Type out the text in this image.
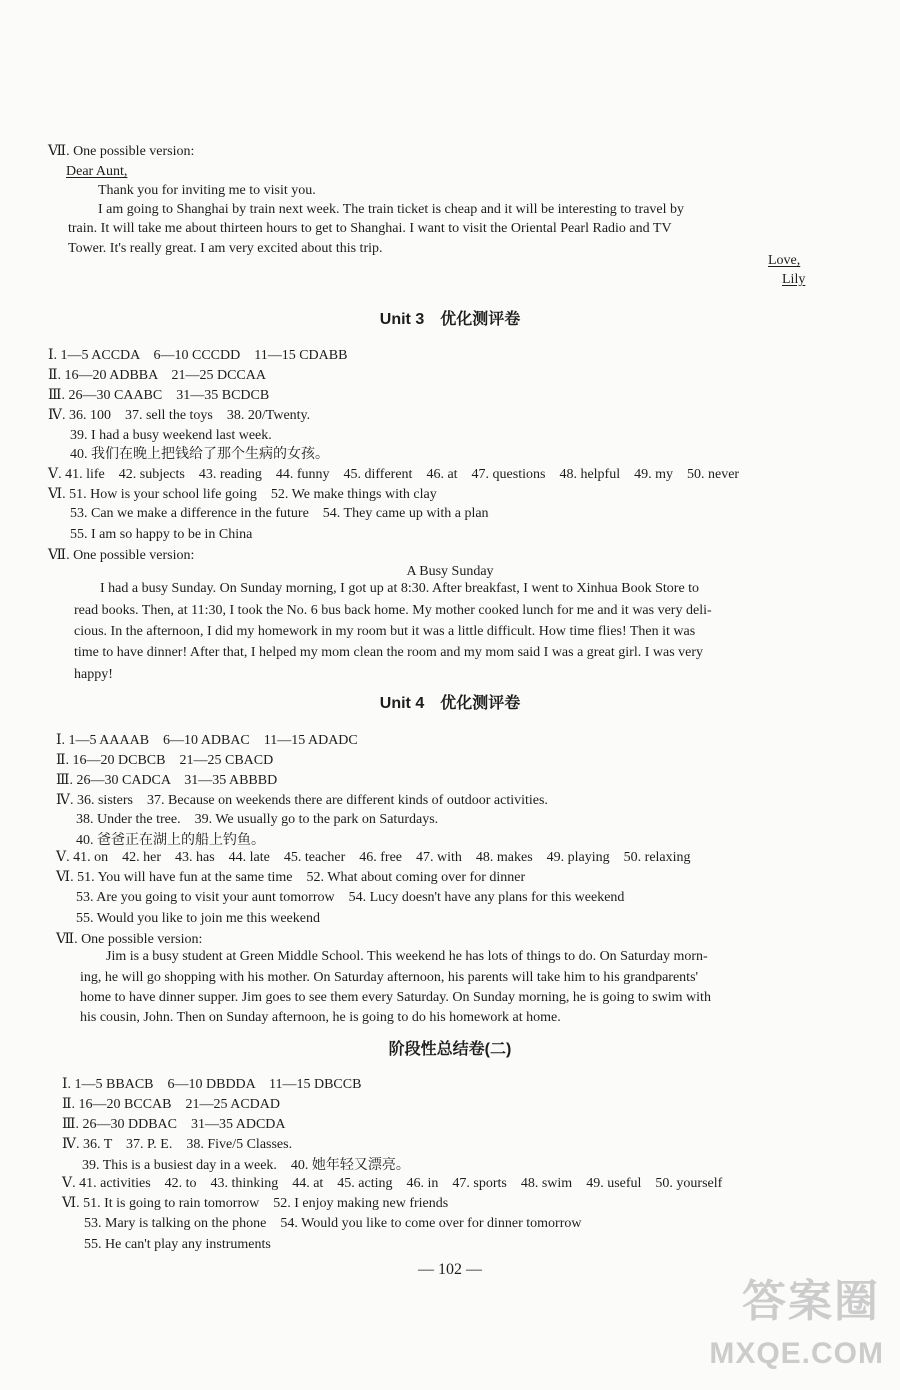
Ⅶ. One possible version:
Dear Aunt,
Thank you for inviting me to visit you.
I am going to Shanghai by train next week. The train ticket is cheap and it will be interesting to travel by
train. It will take me about thirteen hours to get to Shanghai. I want to visit the Oriental Pearl Radio and TV
Tower. It's really great. I am very excited about this trip.
Love,
Lily
Unit 3　优化测评卷
Ⅰ. 1—5 ACCDA　6—10 CCCDD　11—15 CDABB
Ⅱ. 16—20 ADBBA　21—25 DCCAA
Ⅲ. 26—30 CAABC　31—35 BCDCB
Ⅳ. 36. 100　37. sell the toys　38. 20/Twenty.
39. I had a busy weekend last week.
40. 我们在晚上把钱给了那个生病的女孩。
Ⅴ. 41. life　42. subjects　43. reading　44. funny　45. different　46. at　47. questions　48. helpful　49. my　50. never
Ⅵ. 51. How is your school life going　52. We make things with clay
53. Can we make a difference in the future　54. They came up with a plan
55. I am so happy to be in China
Ⅶ. One possible version:
A Busy Sunday
I had a busy Sunday. On Sunday morning, I got up at 8:30. After breakfast, I went to Xinhua Book Store to
read books. Then, at 11:30, I took the No. 6 bus back home. My mother cooked lunch for me and it was very deli-
cious. In the afternoon, I did my homework in my room but it was a little difficult. How time flies! Then it was
time to have dinner! After that, I helped my mom clean the room and my mom said I was a great girl. I was very
happy!
Unit 4　优化测评卷
Ⅰ. 1—5 AAAAB　6—10 ADBAC　11—15 ADADC
Ⅱ. 16—20 DCBCB　21—25 CBACD
Ⅲ. 26—30 CADCA　31—35 ABBBD
Ⅳ. 36. sisters　37. Because on weekends there are different kinds of outdoor activities.
38. Under the tree.　39. We usually go to the park on Saturdays.
40. 爸爸正在湖上的船上钓鱼。
Ⅴ. 41. on　42. her　43. has　44. late　45. teacher　46. free　47. with　48. makes　49. playing　50. relaxing
Ⅵ. 51. You will have fun at the same time　52. What about coming over for dinner
53. Are you going to visit your aunt tomorrow　54. Lucy doesn't have any plans for this weekend
55. Would you like to join me this weekend
Ⅶ. One possible version:
Jim is a busy student at Green Middle School. This weekend he has lots of things to do. On Saturday morn-
ing, he will go shopping with his mother. On Saturday afternoon, his parents will take him to his grandparents'
home to have dinner supper. Jim goes to see them every Saturday. On Sunday morning, he is going to swim with
his cousin, John. Then on Sunday afternoon, he is going to do his homework at home.
阶段性总结卷(二)
Ⅰ. 1—5 BBACB　6—10 DBDDA　11—15 DBCCB
Ⅱ. 16—20 BCCAB　21—25 ACDAD
Ⅲ. 26—30 DDBAC　31—35 ADCDA
Ⅳ. 36. T　37. P. E.　38. Five/5 Classes.
39. This is a busiest day in a week.　40. 她年轻又漂亮。
Ⅴ. 41. activities　42. to　43. thinking　44. at　45. acting　46. in　47. sports　48. swim　49. useful　50. yourself
Ⅵ. 51. It is going to rain tomorrow　52. I enjoy making new friends
53. Mary is talking on the phone　54. Would you like to come over for dinner tomorrow
55. He can't play any instruments
— 102 —
答案圈
MXQE.COM
